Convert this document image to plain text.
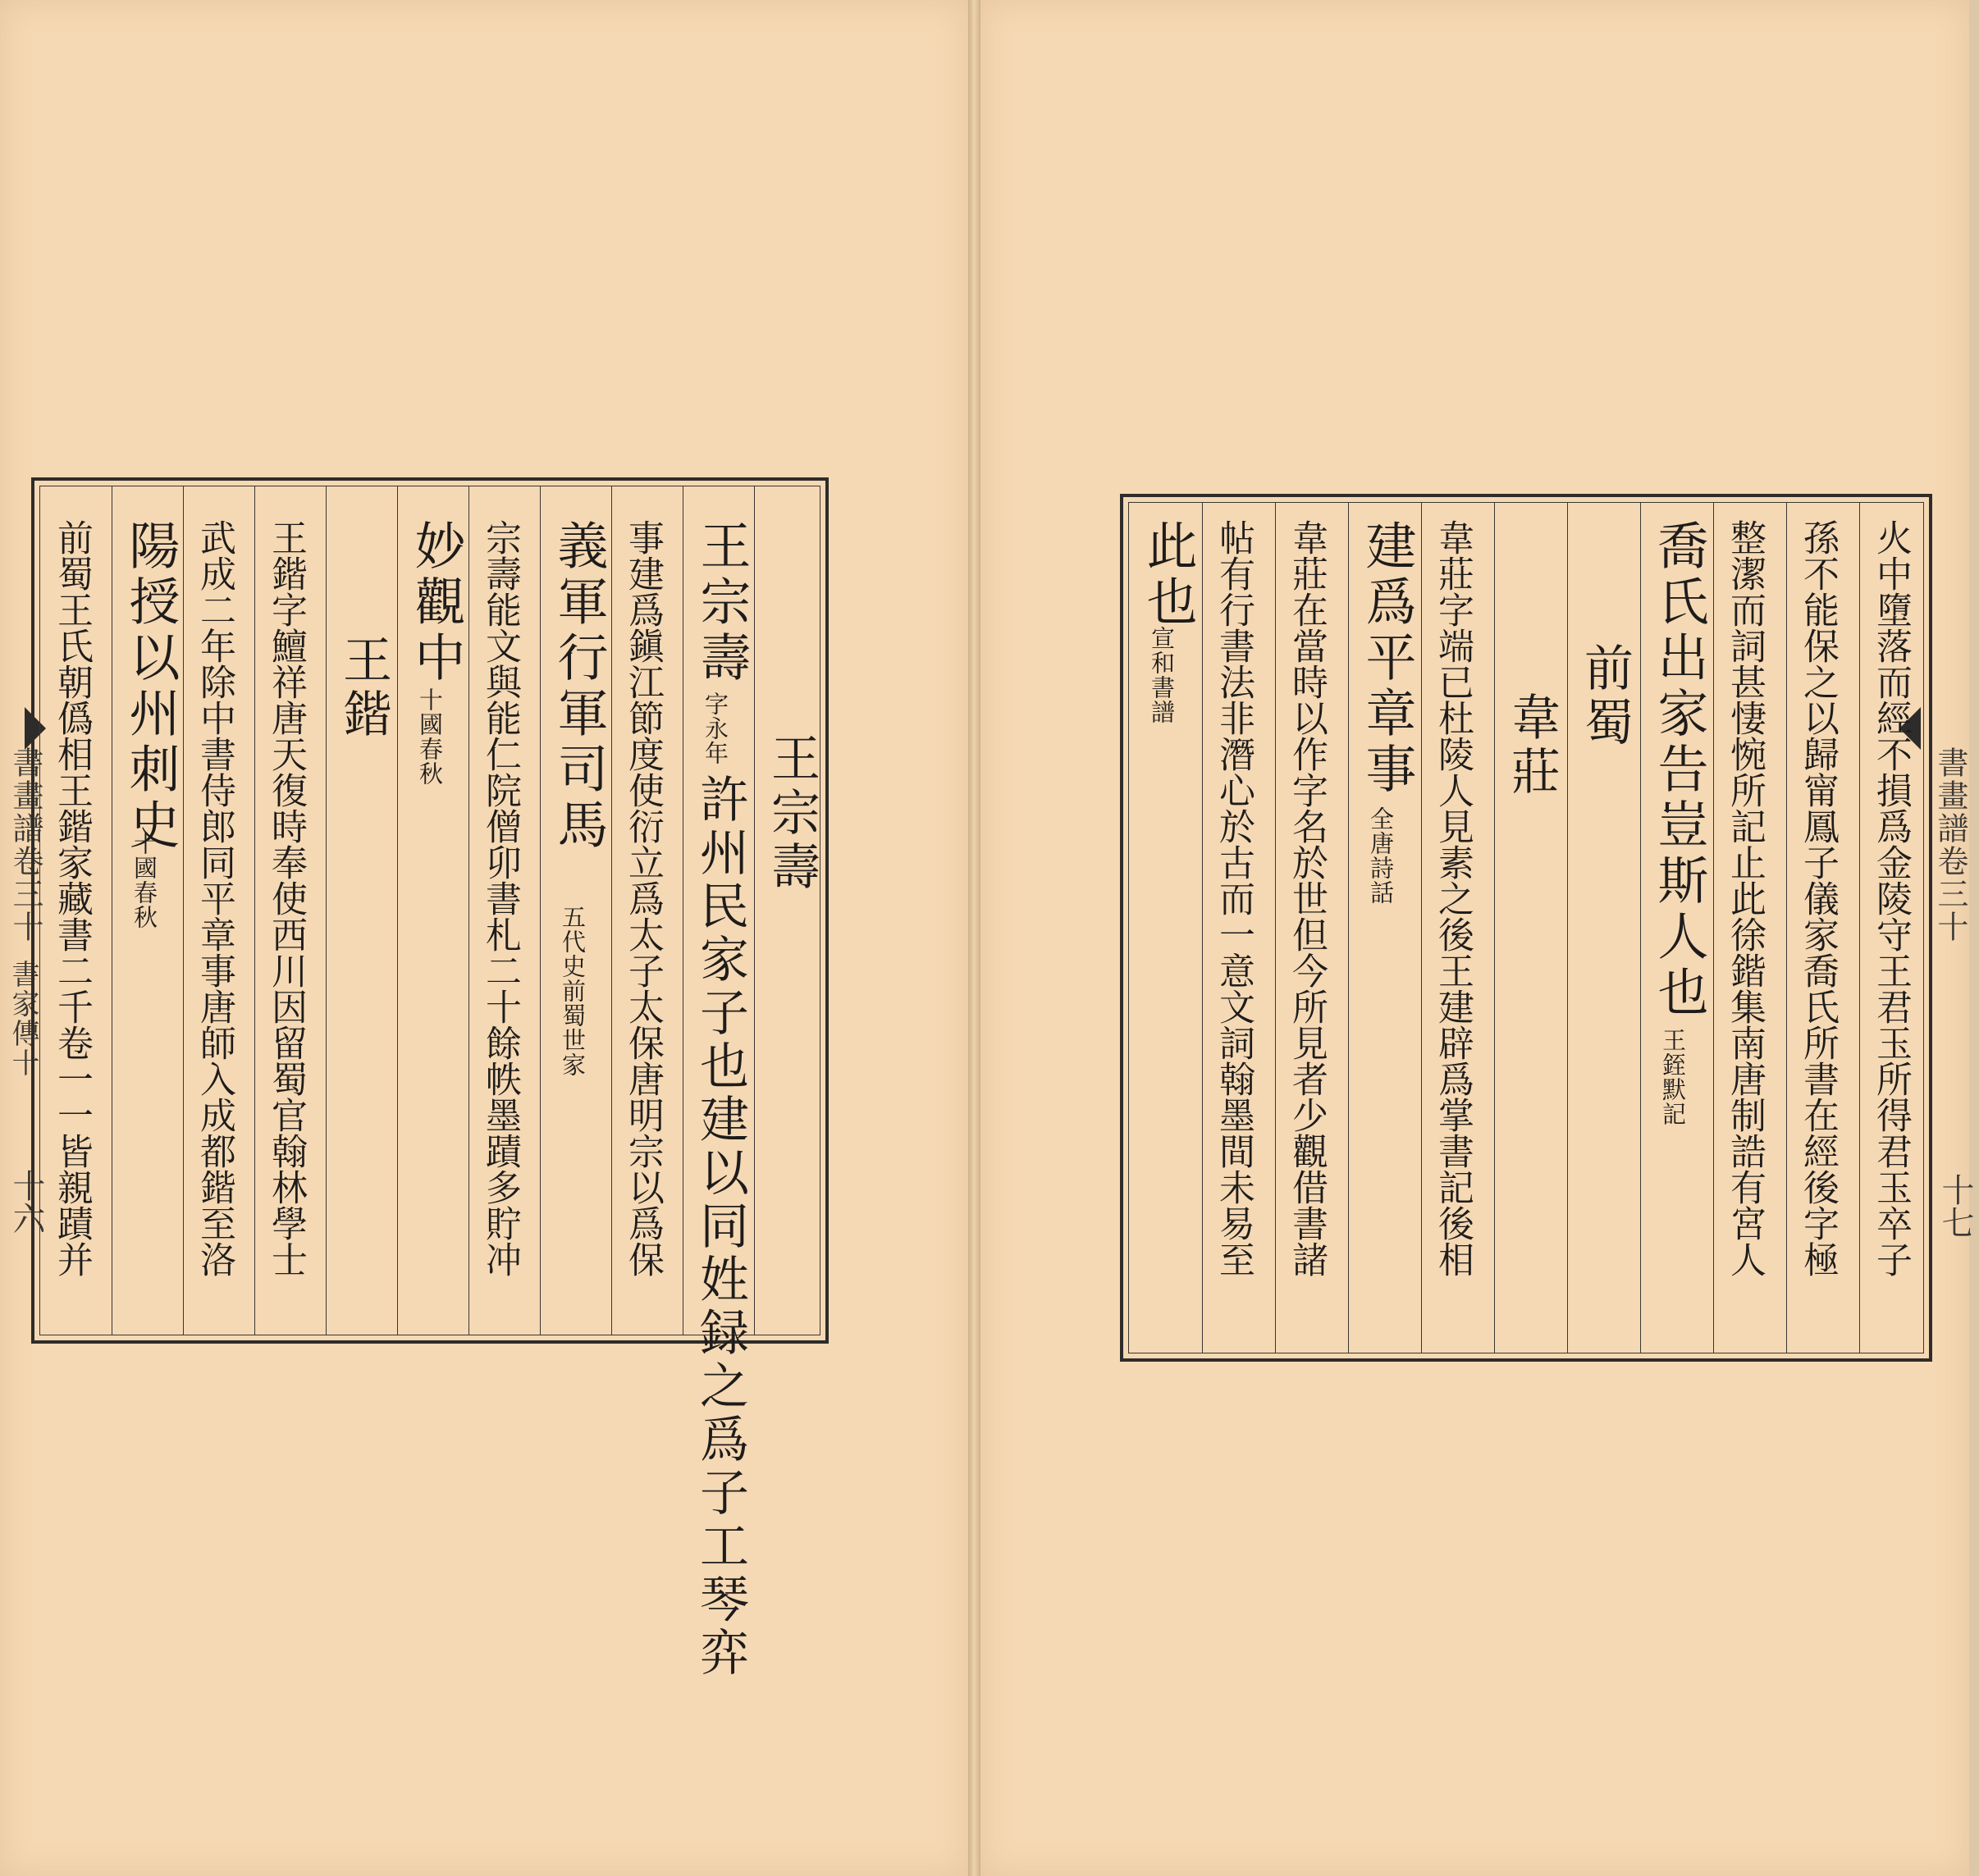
書畫譜卷三十
書家傳十
十六
王宗壽
王宗壽
字永年
許州民家子也建以同姓録之爲子工琴弈
事建爲鎭江節度使衍立爲太子太保唐明宗以爲保
義軍行軍司馬
五代史前蜀世家
宗壽能文與能仁院僧卯書札二十餘帙墨蹟多貯冲
妙觀中
十國春秋
王鍇
王鍇字鱣祥唐天復時奉使西川因留蜀官翰林學士
武成二年除中書侍郎同平章事唐師入成都鍇至洛
陽授以州刺史
十國春秋
前蜀王氏朝僞相王鍇家藏書二千卷一一皆親蹟并	書畫譜卷三十
十七
火中墮落而經不損爲金陵守王君玉所得君玉卒子
孫不能保之以歸甯鳳子儀家喬氏所書在經後字極
整潔而詞甚悽惋所記止此徐鍇集南唐制誥有宮人
喬氏出家告豈斯人也
王銍默記
前蜀
韋莊
韋莊字端已杜陵人見素之後王建辟爲掌書記後相
建爲平章事
全唐詩話
韋莊在當時以作字名於世但今所見者少觀借書諸
帖有行書法非潛心於古而一意文詞翰墨間未易至
此也
宣和書譜
